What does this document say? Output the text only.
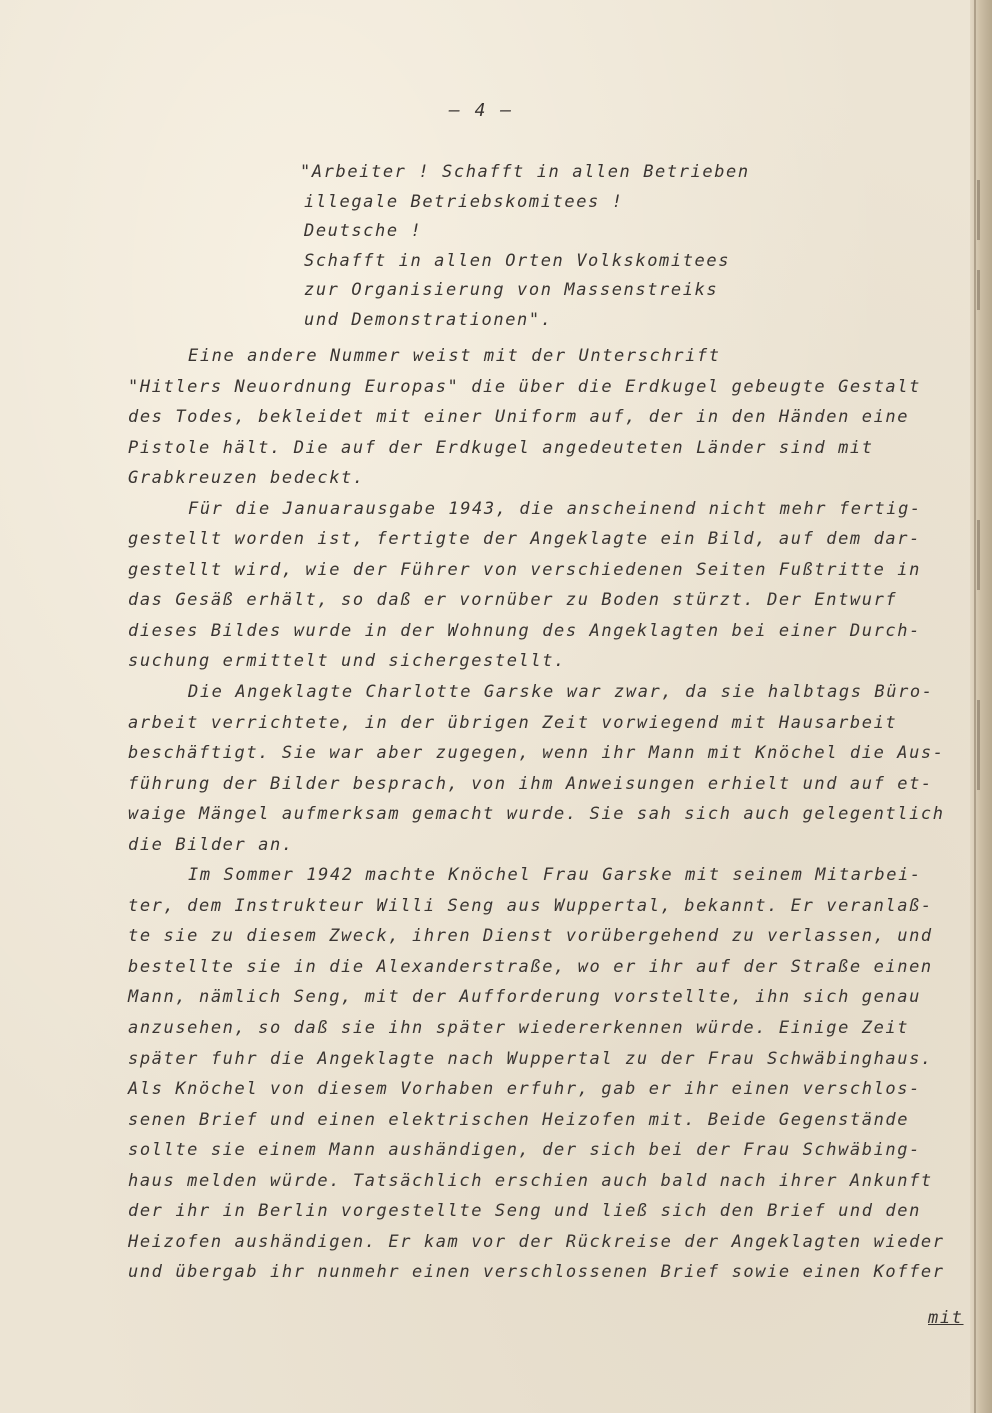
– 4 –
"Arbeiter ! Schafft in allen Betrieben
illegale Betriebskomitees !
Deutsche !
Schafft in allen Orten Volkskomitees
zur Organisierung von Massenstreiks
und Demonstrationen".
Eine andere Nummer weist mit der Unterschrift
"Hitlers Neuordnung Europas" die über die Erdkugel gebeugte Gestalt
des Todes, bekleidet mit einer Uniform auf, der in den Händen eine
Pistole hält. Die auf der Erdkugel angedeuteten Länder sind mit
Grabkreuzen bedeckt.
Für die Januarausgabe 1943, die anscheinend nicht mehr fertig-
gestellt worden ist, fertigte der Angeklagte ein Bild, auf dem dar-
gestellt wird, wie der Führer von verschiedenen Seiten Fußtritte in
das Gesäß erhält, so daß er vornüber zu Boden stürzt. Der Entwurf
dieses Bildes wurde in der Wohnung des Angeklagten bei einer Durch-
suchung ermittelt und sichergestellt.
Die Angeklagte Charlotte Garske war zwar, da sie halbtags Büro-
arbeit verrichtete, in der übrigen Zeit vorwiegend mit Hausarbeit
beschäftigt. Sie war aber zugegen, wenn ihr Mann mit Knöchel die Aus-
führung der Bilder besprach, von ihm Anweisungen erhielt und auf et-
waige Mängel aufmerksam gemacht wurde. Sie sah sich auch gelegentlich
die Bilder an.
Im Sommer 1942 machte Knöchel Frau Garske mit seinem Mitarbei-
ter, dem Instrukteur Willi Seng aus Wuppertal, bekannt. Er veranlaß-
te sie zu diesem Zweck, ihren Dienst vorübergehend zu verlassen, und
bestellte sie in die Alexanderstraße, wo er ihr auf der Straße einen
Mann, nämlich Seng, mit der Aufforderung vorstellte, ihn sich genau
anzusehen, so daß sie ihn später wiedererkennen würde. Einige Zeit
später fuhr die Angeklagte nach Wuppertal zu der Frau Schwäbinghaus.
Als Knöchel von diesem Vorhaben erfuhr, gab er ihr einen verschlos-
senen Brief und einen elektrischen Heizofen mit. Beide Gegenstände
sollte sie einem Mann aushändigen, der sich bei der Frau Schwäbing-
haus melden würde. Tatsächlich erschien auch bald nach ihrer Ankunft
der ihr in Berlin vorgestellte Seng und ließ sich den Brief und den
Heizofen aushändigen. Er kam vor der Rückreise der Angeklagten wieder
und übergab ihr nunmehr einen verschlossenen Brief sowie einen Koffer
mit
